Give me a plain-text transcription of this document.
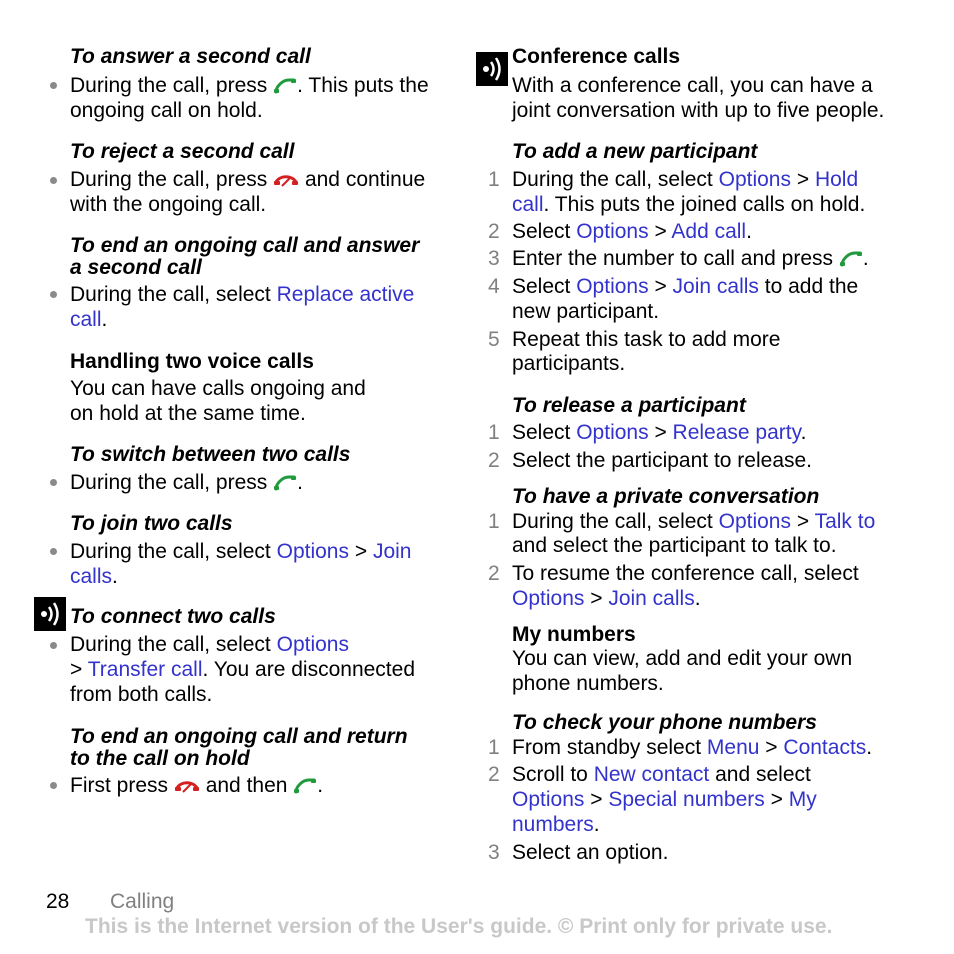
To answer a second call
During the call, press . This puts the
ongoing call on hold.
To reject a second call
During the call, press and continue
with the ongoing call.
To end an ongoing call and answer
a second call
During the call, select Replace active
call.
Handling two voice calls
You can have calls ongoing and
on hold at the same time.
To switch between two calls
During the call, press .
To join two calls
During the call, select Options > Join
calls.
To connect two calls
During the call, select Options
> Transfer call. You are disconnected
from both calls.
To end an ongoing call and return
to the call on hold
First press and then .
Conference calls
With a conference call, you can have a
joint conversation with up to five people.
To add a new participant
1 During the call, select Options > Hold
call. This puts the joined calls on hold.
2 Select Options > Add call.
3 Enter the number to call and press .
4 Select Options > Join calls to add the
new participant.
5 Repeat this task to add more
participants.
To release a participant
1 Select Options > Release party.
2 Select the participant to release.
To have a private conversation
1 During the call, select Options > Talk to
and select the participant to talk to.
2 To resume the conference call, select
Options > Join calls.
My numbers
You can view, add and edit your own
phone numbers.
To check your phone numbers
1 From standby select Menu > Contacts.
2 Scroll to New contact and select
Options > Special numbers > My
numbers.
3 Select an option.
28 Calling
This is the Internet version of the User's guide. © Print only for private use.
